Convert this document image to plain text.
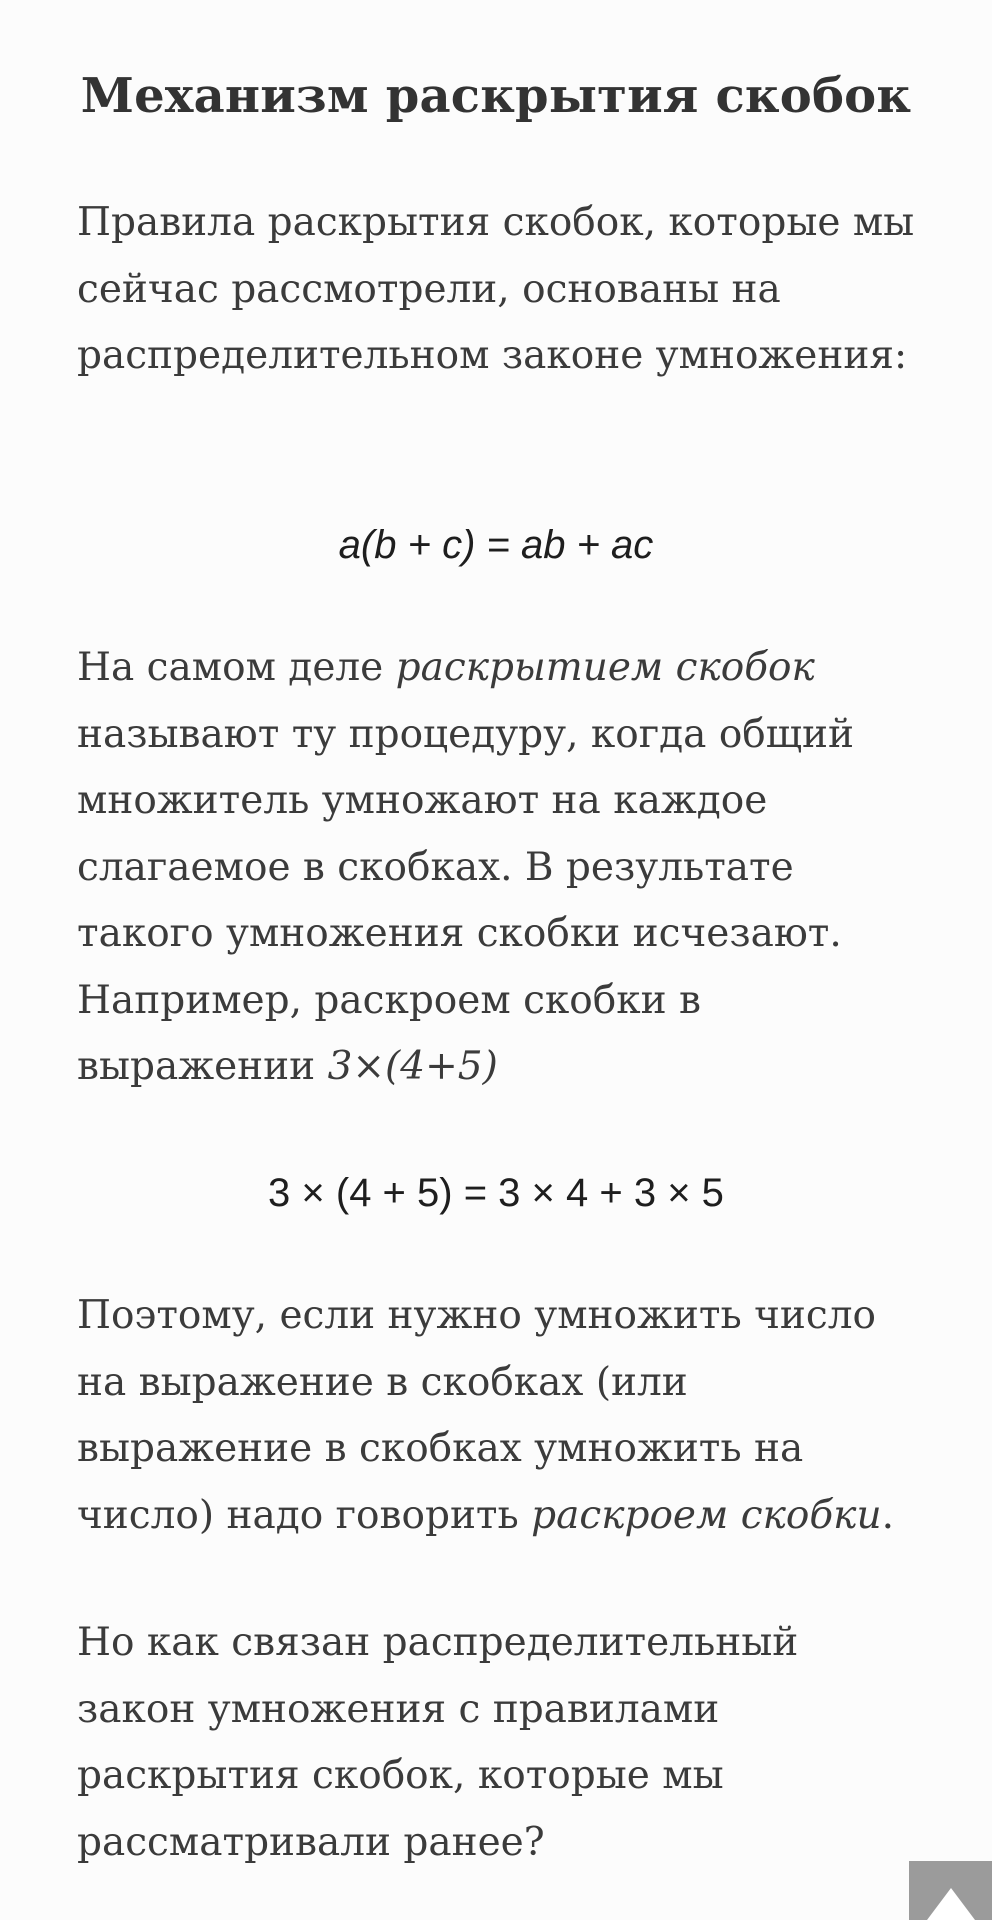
Механизм раскрытия скобок

Правила раскрытия скобок, которые мы сейчас рассмотрели, основаны на распределительном законе умножения:

a(b + c) = ab + ac

На самом деле раскрытием скобок называют ту процедуру, когда общий множитель умножают на каждое слагаемое в скобках. В результате такого умножения скобки исчезают. Например, раскроем скобки в выражении 3×(4+5)

3 × (4 + 5) = 3 × 4 + 3 × 5

Поэтому, если нужно умножить число на выражение в скобках (или выражение в скобках умножить на число) надо говорить раскроем скобки.

Но как связан распределительный закон умножения с правилами раскрытия скобок, которые мы рассматривали ранее?
